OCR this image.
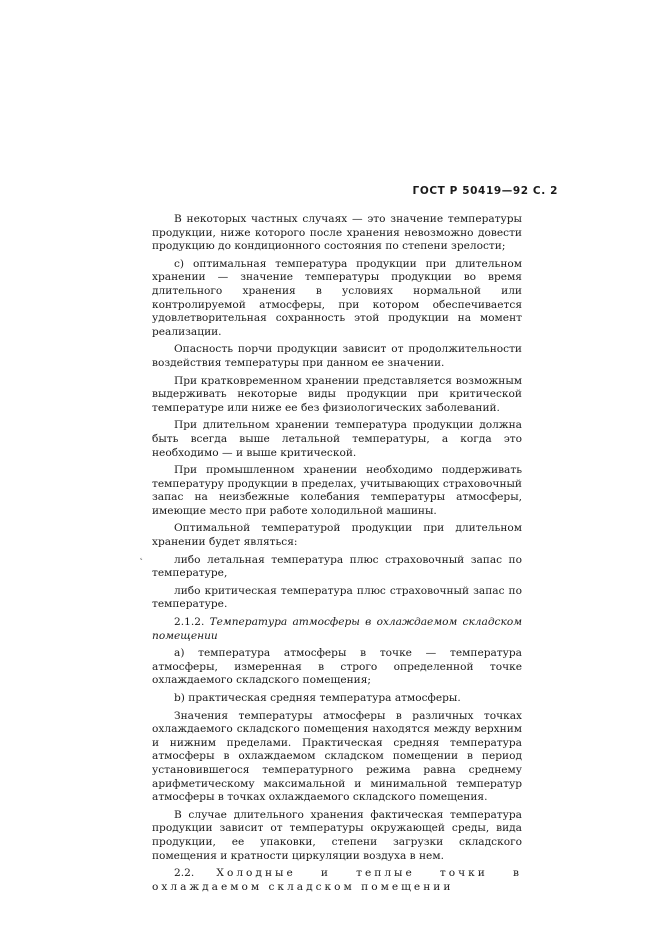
ГОСТ Р 50419—92 С. 2
˛

В некоторых частных случаях — это значение температуры продукции, ниже которого после хранения невозможно довести продукцию до кондиционного состояния по степени зрелости;

с) оптимальная температура продукции при длительном хранении — значение температуры продукции во время длительного хранения в условиях нормальной или контролируемой атмосферы, при котором обеспечивается удовлетворительная сохранность этой продукции на момент реализации.

Опасность порчи продукции зависит от продолжительности воздействия температуры при данном ее значении.

При кратковременном хранении представляется возможным выдерживать некоторые виды продукции при критической температуре или ниже ее без физиологических заболеваний.

При длительном хранении температура продукции должна быть всегда выше летальной температуры, а когда это необходимо — и выше критической.

При промышленном хранении необходимо поддерживать температуру продукции в пределах, учитывающих страховочный запас на неизбежные колебания температуры атмосферы, имеющие место при работе холодильной машины.

Оптимальной температурой продукции при длительном хранении будет являться:

либо летальная температура плюс страховочный запас по температуре,

либо критическая температура плюс страховочный запас по температуре.

2.1.2. Температура атмосферы в охлаждаемом складском помещении

а) температура атмосферы в точке — температура атмосферы, измеренная в строго определенной точке охлаждаемого складского помещения;

b) практическая средняя температура атмосферы.

Значения температуры атмосферы в различных точках охлаждаемого складского помещения находятся между верхним и нижним пределами. Практическая средняя температура атмосферы в охлаждаемом складском помещении в период установившегося температурного режима равна среднему арифметическому максимальной и минимальной температур атмосферы в точках охлаждаемого складского помещения.

В случае длительного хранения фактическая температура продукции зависит от температуры окружающей среды, вида продукции, ее упаковки, степени загрузки складского помещения и кратности циркуляции воздуха в нем.

2.2. Холодные и теплые точки в охлаждаемом складском помещении
